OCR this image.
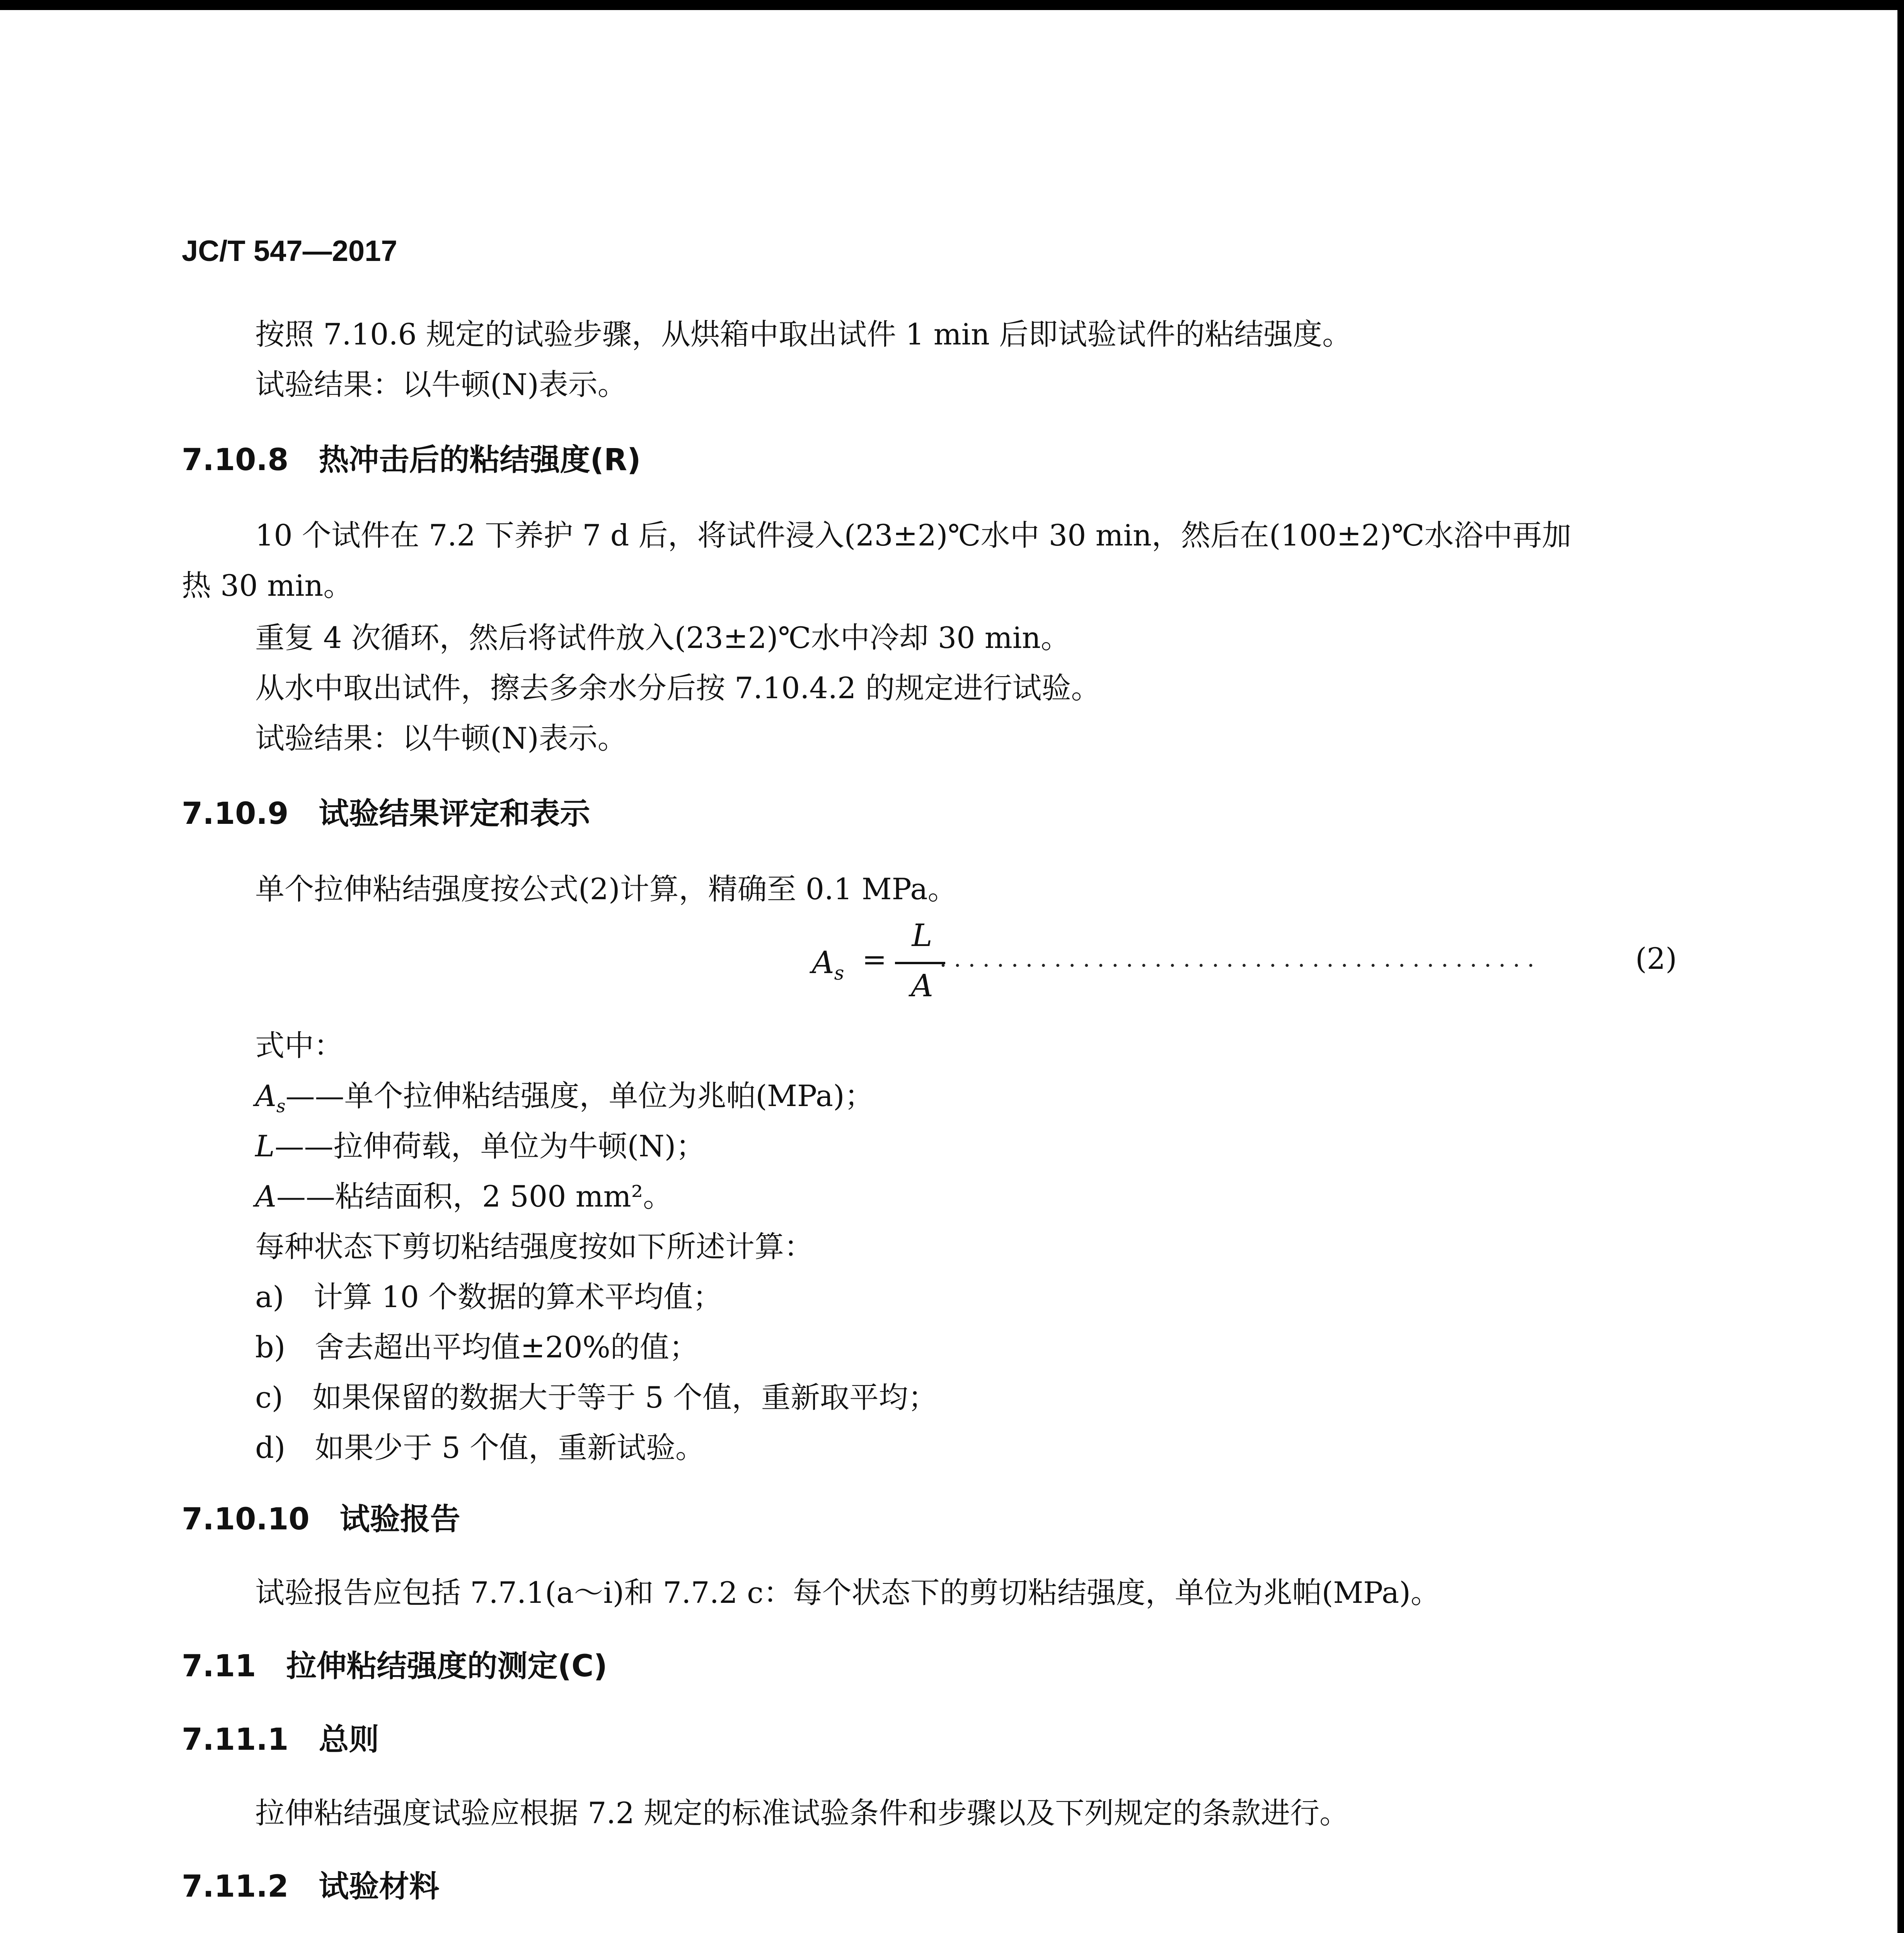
JC/T 547—2017
按照 7.10.6 规定的试验步骤，从烘箱中取出试件 1 min 后即试验试件的粘结强度。
试验结果：以牛顿(N)表示。
7.10.8　热冲击后的粘结强度(R)
10 个试件在 7.2 下养护 7 d 后，将试件浸入(23±2)℃水中 30 min，然后在(100±2)℃水浴中再加
热 30 min。
重复 4 次循环，然后将试件放入(23±2)℃水中冷却 30 min。
从水中取出试件，擦去多余水分后按 7.10.4.2 的规定进行试验。
试验结果：以牛顿(N)表示。
7.10.9　试验结果评定和表示
单个拉伸粘结强度按公式(2)计算，精确至 0.1 MPa。
$A_s$ =
L
A
..........................................	(2)
式中：
$A_s——$单个拉伸粘结强度，单位为兆帕(MPa)；
L——拉伸荷载，单位为牛顿(N)；
A——粘结面积，2 500 mm²。
每种状态下剪切粘结强度按如下所述计算：
a)　计算 10 个数据的算术平均值；
b)　舍去超出平均值±20%的值；
c)　如果保留的数据大于等于 5 个值，重新取平均；
d)　如果少于 5 个值，重新试验。
7.10.10　试验报告
试验报告应包括 7.7.1(a～i)和 7.7.2 c：每个状态下的剪切粘结强度，单位为兆帕(MPa)。
7.11　拉伸粘结强度的测定(C)
7.11.1　总则
拉伸粘结强度试验应根据 7.2 规定的标准试验条件和步骤以及下列规定的条款进行。
7.11.2　试验材料
